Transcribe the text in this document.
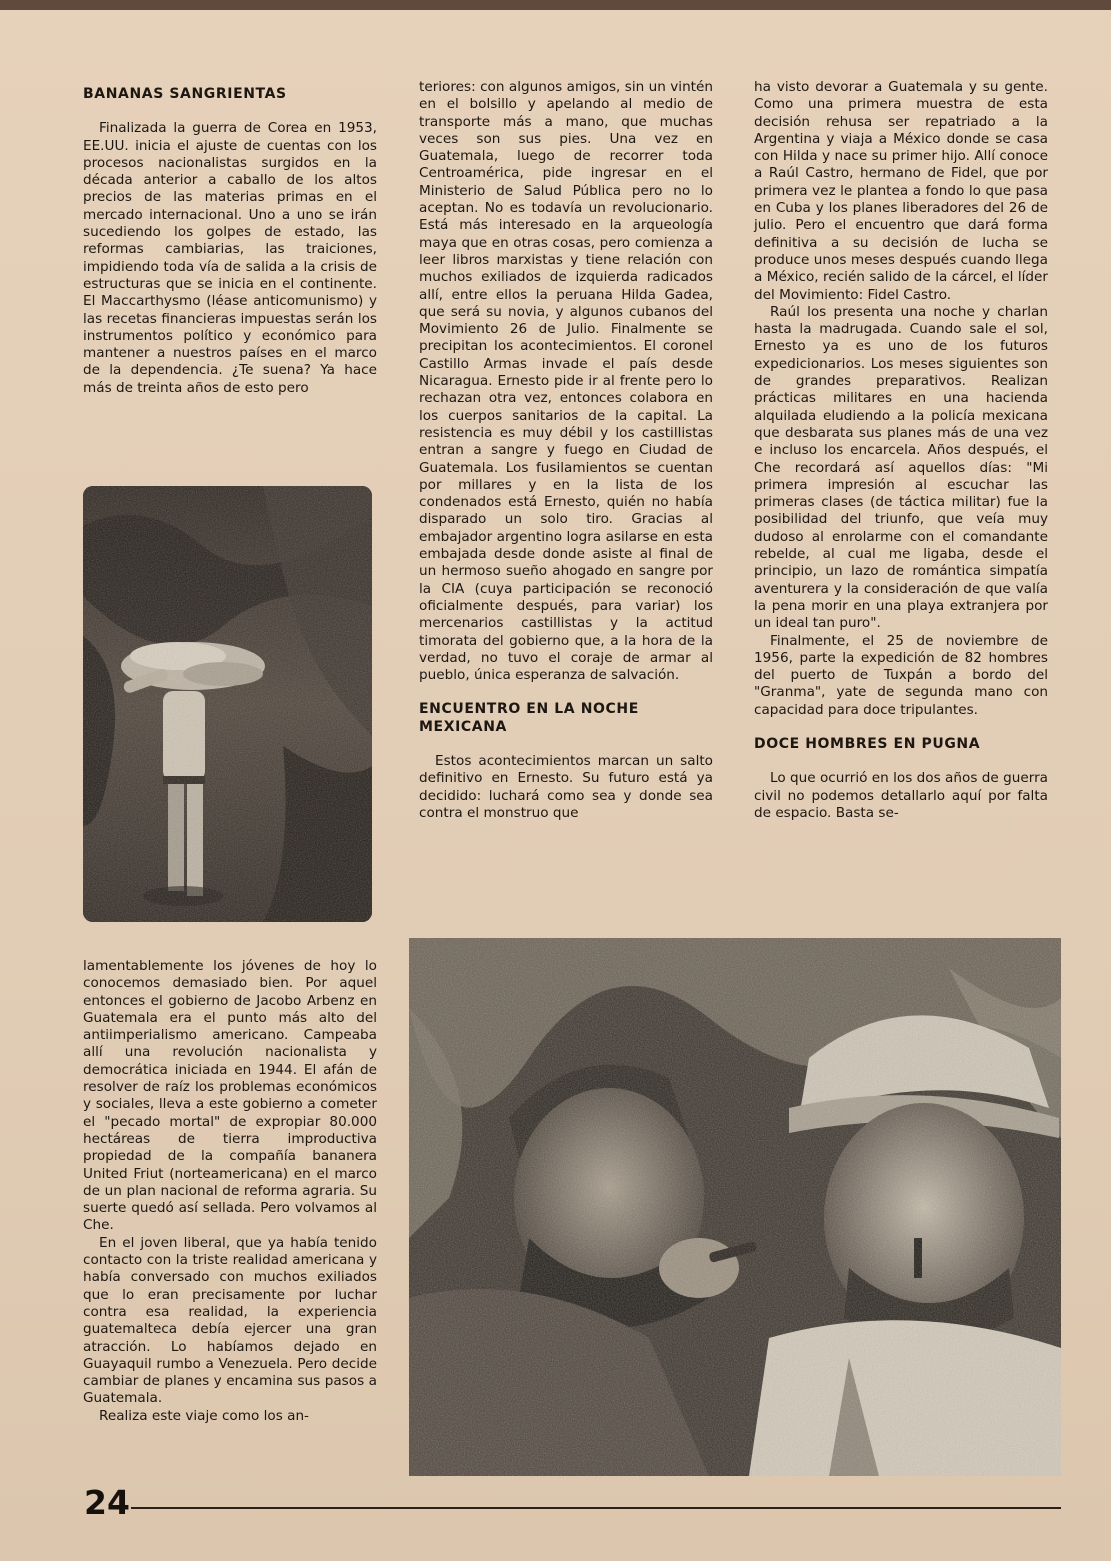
BANANAS SANGRIENTAS

Finalizada la guerra de Corea en 1953, EE.UU. inicia el ajuste de cuentas con los procesos nacionalistas surgidos en la década anterior a caballo de los altos precios de las materias primas en el mercado internacional. Uno a uno se irán sucediendo los golpes de estado, las reformas cambiarias, las traiciones, impidiendo toda vía de salida a la crisis de estructuras que se inicia en el continente. El Maccarthysmo (léase anticomunismo) y las recetas financieras impuestas serán los instrumentos político y económico para mantener a nuestros países en el marco de la dependencia. ¿Te suena? Ya hace más de treinta años de esto pero

lamentablemente los jóvenes de hoy lo conocemos demasiado bien. Por aquel entonces el gobierno de Jacobo Arbenz en Guatemala era el punto más alto del antiimperialismo americano. Campeaba allí una revolución nacionalista y democrática iniciada en 1944. El afán de resolver de raíz los problemas económicos y sociales, lleva a este gobierno a cometer el "pecado mortal" de expropiar 80.000 hectáreas de tierra improductiva propiedad de la compañía bananera United Friut (norteamericana) en el marco de un plan nacional de reforma agraria. Su suerte quedó así sellada. Pero volvamos al Che.

En el joven liberal, que ya había tenido contacto con la triste realidad americana y había conversado con muchos exiliados que lo eran precisamente por luchar contra esa realidad, la experiencia guatemalteca debía ejercer una gran atracción. Lo habíamos dejado en Guayaquil rumbo a Venezuela. Pero decide cambiar de planes y encamina sus pasos a Guatemala.

Realiza este viaje como los an-

teriores: con algunos amigos, sin un vintén en el bolsillo y apelando al medio de transporte más a mano, que muchas veces son sus pies. Una vez en Guatemala, luego de recorrer toda Centroamérica, pide ingresar en el Ministerio de Salud Pública pero no lo aceptan. No es todavía un revolucionario. Está más interesado en la arqueología maya que en otras cosas, pero comienza a leer libros marxistas y tiene relación con muchos exiliados de izquierda radicados allí, entre ellos la peruana Hilda Gadea, que será su novia, y algunos cubanos del Movimiento 26 de Julio. Finalmente se precipitan los acontecimientos. El coronel Castillo Armas invade el país desde Nicaragua. Ernesto pide ir al frente pero lo rechazan otra vez, entonces colabora en los cuerpos sanitarios de la capital. La resistencia es muy débil y los castillistas entran a sangre y fuego en Ciudad de Guatemala. Los fusilamientos se cuentan por millares y en la lista de los condenados está Ernesto, quién no había disparado un solo tiro. Gracias al embajador argentino logra asilarse en esta embajada desde donde asiste al final de un hermoso sueño ahogado en sangre por la CIA (cuya participación se reconoció oficialmente después, para variar) los mercenarios castillistas y la actitud timorata del gobierno que, a la hora de la verdad, no tuvo el coraje de armar al pueblo, única esperanza de salvación.

ENCUENTRO EN LA NOCHE MEXICANA

Estos acontecimientos marcan un salto definitivo en Ernesto. Su futuro está ya decidido: luchará como sea y donde sea contra el monstruo que

ha visto devorar a Guatemala y su gente. Como una primera muestra de esta decisión rehusa ser repatriado a la Argentina y viaja a México donde se casa con Hilda y nace su primer hijo. Allí conoce a Raúl Castro, hermano de Fidel, que por primera vez le plantea a fondo lo que pasa en Cuba y los planes liberadores del 26 de julio. Pero el encuentro que dará forma definitiva a su decisión de lucha se produce unos meses después cuando llega a México, recién salido de la cárcel, el líder del Movimiento: Fidel Castro.

Raúl los presenta una noche y charlan hasta la madrugada. Cuando sale el sol, Ernesto ya es uno de los futuros expedicionarios. Los meses siguientes son de grandes preparativos. Realizan prácticas militares en una hacienda alquilada eludiendo a la policía mexicana que desbarata sus planes más de una vez e incluso los encarcela. Años después, el Che recordará así aquellos días: "Mi primera impresión al escuchar las primeras clases (de táctica militar) fue la posibilidad del triunfo, que veía muy dudoso al enrolarme con el comandante rebelde, al cual me ligaba, desde el principio, un lazo de romántica simpatía aventurera y la consideración de que valía la pena morir en una playa extranjera por un ideal tan puro".

Finalmente, el 25 de noviembre de 1956, parte la expedición de 82 hombres del puerto de Tuxpán a bordo del "Granma", yate de segunda mano con capacidad para doce tripulantes.

DOCE HOMBRES EN PUGNA

Lo que ocurrió en los dos años de guerra civil no podemos detallarlo aquí por falta de espacio. Basta se-

24
